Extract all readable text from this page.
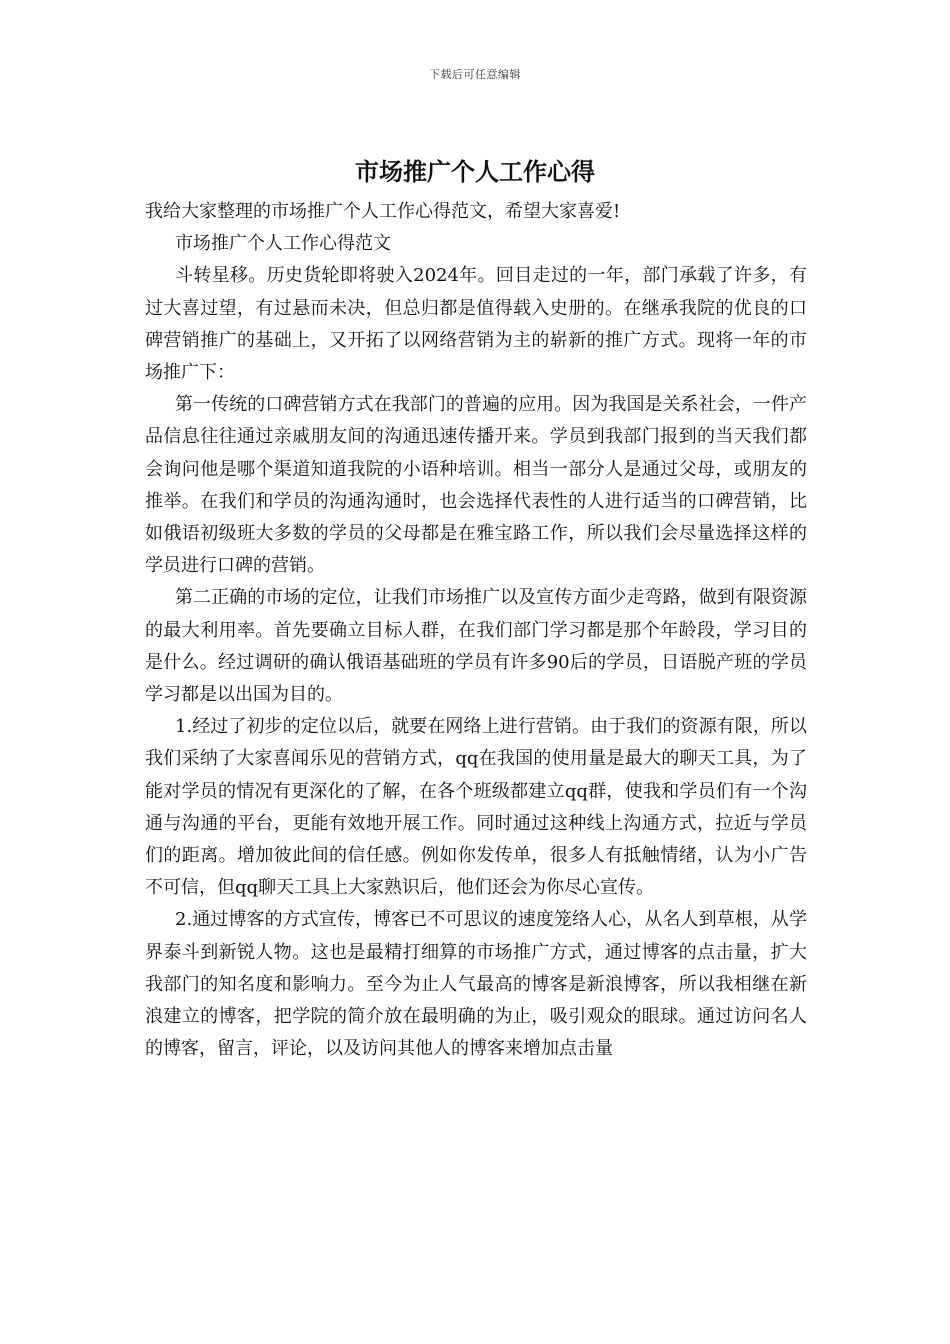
下载后可任意编辑
市场推广个人工作心得

我给大家整理的市场推广个人工作心得范文，希望大家喜爱!

市场推广个人工作心得范文

斗转星移。历史货轮即将驶入2024年。回目走过的一年，部门承载了许多，有过大喜过望，有过悬而未决，但总归都是值得载入史册的。在继承我院的优良的口碑营销推广的基础上，又开拓了以网络营销为主的崭新的推广方式。现将一年的市场推广下：

第一传统的口碑营销方式在我部门的普遍的应用。因为我国是关系社会，一件产品信息往往通过亲戚朋友间的沟通迅速传播开来。学员到我部门报到的当天我们都会询问他是哪个渠道知道我院的小语种培训。相当一部分人是通过父母，或朋友的推举。在我们和学员的沟通沟通时，也会选择代表性的人进行适当的口碑营销，比如俄语初级班大多数的学员的父母都是在雅宝路工作，所以我们会尽量选择这样的学员进行口碑的营销。

第二正确的市场的定位，让我们市场推广以及宣传方面少走弯路，做到有限资源的最大利用率。首先要确立目标人群，在我们部门学习都是那个年龄段，学习目的是什么。经过调研的确认俄语基础班的学员有许多90后的学员，日语脱产班的学员学习都是以出国为目的。

1.经过了初步的定位以后，就要在网络上进行营销。由于我们的资源有限，所以我们采纳了大家喜闻乐见的营销方式，qq在我国的使用量是最大的聊天工具，为了能对学员的情况有更深化的了解，在各个班级都建立qq群，使我和学员们有一个沟通与沟通的平台，更能有效地开展工作。同时通过这种线上沟通方式，拉近与学员们的距离。增加彼此间的信任感。例如你发传单，很多人有抵触情绪，认为小广告不可信，但qq聊天工具上大家熟识后，他们还会为你尽心宣传。

2.通过博客的方式宣传，博客已不可思议的速度笼络人心，从名人到草根，从学界泰斗到新锐人物。这也是最精打细算的市场推广方式，通过博客的点击量，扩大我部门的知名度和影响力。至今为止人气最高的博客是新浪博客，所以我相继在新浪建立的博客，把学院的简介放在最明确的为止，吸引观众的眼球。通过访问名人的博客，留言，评论，以及访问其他人的博客来增加点击量
